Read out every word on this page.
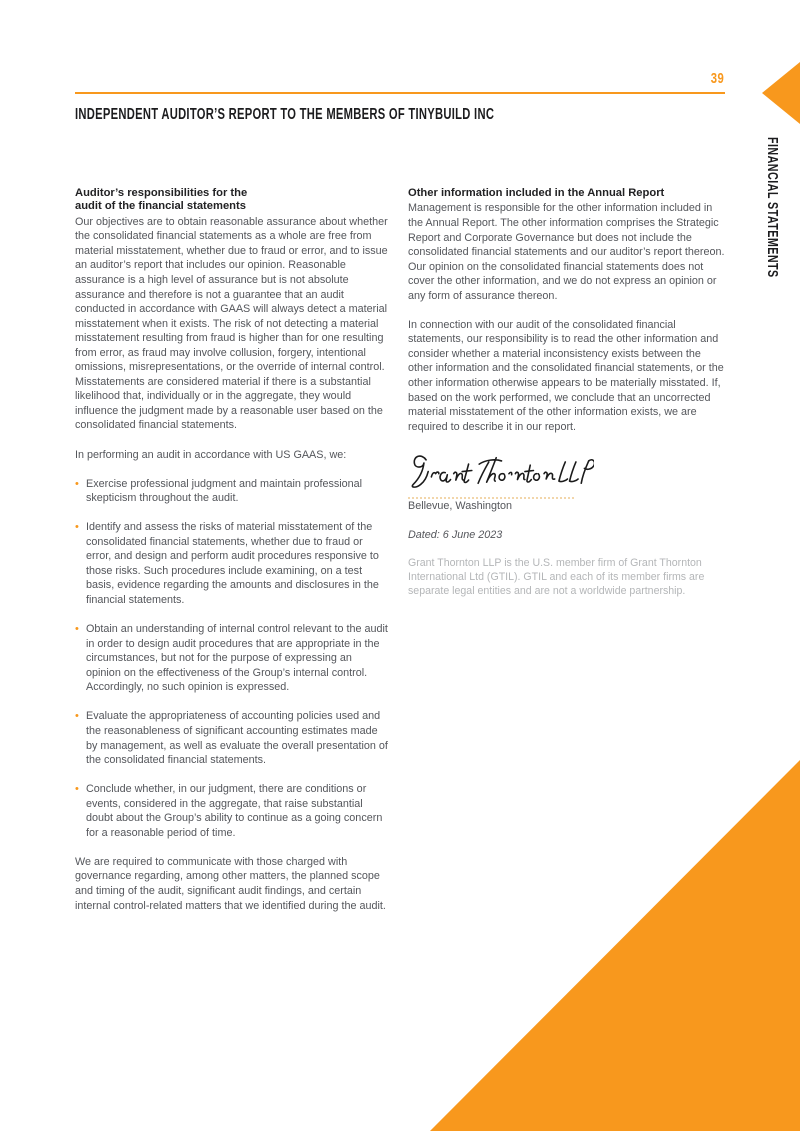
39
INDEPENDENT AUDITOR’S REPORT TO THE MEMBERS OF TINYBUILD INC
FINANCIAL STATEMENTS
Auditor’s responsibilities for the
audit of the financial statements

Our objectives are to obtain reasonable assurance about whether the consolidated financial statements as a whole are free from material misstatement, whether due to fraud or error, and to issue an auditor’s report that includes our opinion. Reasonable assurance is a high level of assurance but is not absolute assurance and therefore is not a guarantee that an audit conducted in accordance with GAAS will always detect a material misstatement when it exists. The risk of not detecting a material misstatement resulting from fraud is higher than for one resulting from error, as fraud may involve collusion, forgery, intentional omissions, misrepresentations, or the override of internal control. Misstatements are considered material if there is a substantial likelihood that, individually or in the aggregate, they would influence the judgment made by a reasonable user based on the consolidated financial statements.

In performing an audit in accordance with US GAAS, we:

• Exercise professional judgment and maintain professional skepticism throughout the audit.
• Identify and assess the risks of material misstatement of the consolidated financial statements, whether due to fraud or error, and design and perform audit procedures responsive to those risks. Such procedures include examining, on a test basis, evidence regarding the amounts and disclosures in the financial statements.
• Obtain an understanding of internal control relevant to the audit in order to design audit procedures that are appropriate in the circumstances, but not for the purpose of expressing an opinion on the effectiveness of the Group’s internal control. Accordingly, no such opinion is expressed.
• Evaluate the appropriateness of accounting policies used and the reasonableness of significant accounting estimates made by management, as well as evaluate the overall presentation of the consolidated financial statements.
• Conclude whether, in our judgment, there are conditions or events, considered in the aggregate, that raise substantial doubt about the Group’s ability to continue as a going concern for a reasonable period of time.

We are required to communicate with those charged with governance regarding, among other matters, the planned scope and timing of the audit, significant audit findings, and certain internal control-related matters that we identified during the audit.

Other information included in the Annual Report

Management is responsible for the other information included in the Annual Report. The other information comprises the Strategic Report and Corporate Governance but does not include the consolidated financial statements and our auditor’s report thereon. Our opinion on the consolidated financial statements does not cover the other information, and we do not express an opinion or any form of assurance thereon.

In connection with our audit of the consolidated financial statements, our responsibility is to read the other information and consider whether a material inconsistency exists between the other information and the consolidated financial statements, or the other information otherwise appears to be materially misstated. If, based on the work performed, we conclude that an uncorrected material misstatement of the other information exists, we are required to describe it in our report.

Bellevue, Washington

Dated: 6 June 2023

Grant Thornton LLP is the U.S. member firm of Grant Thornton International Ltd (GTIL). GTIL and each of its member firms are separate legal entities and are not a worldwide partnership.
